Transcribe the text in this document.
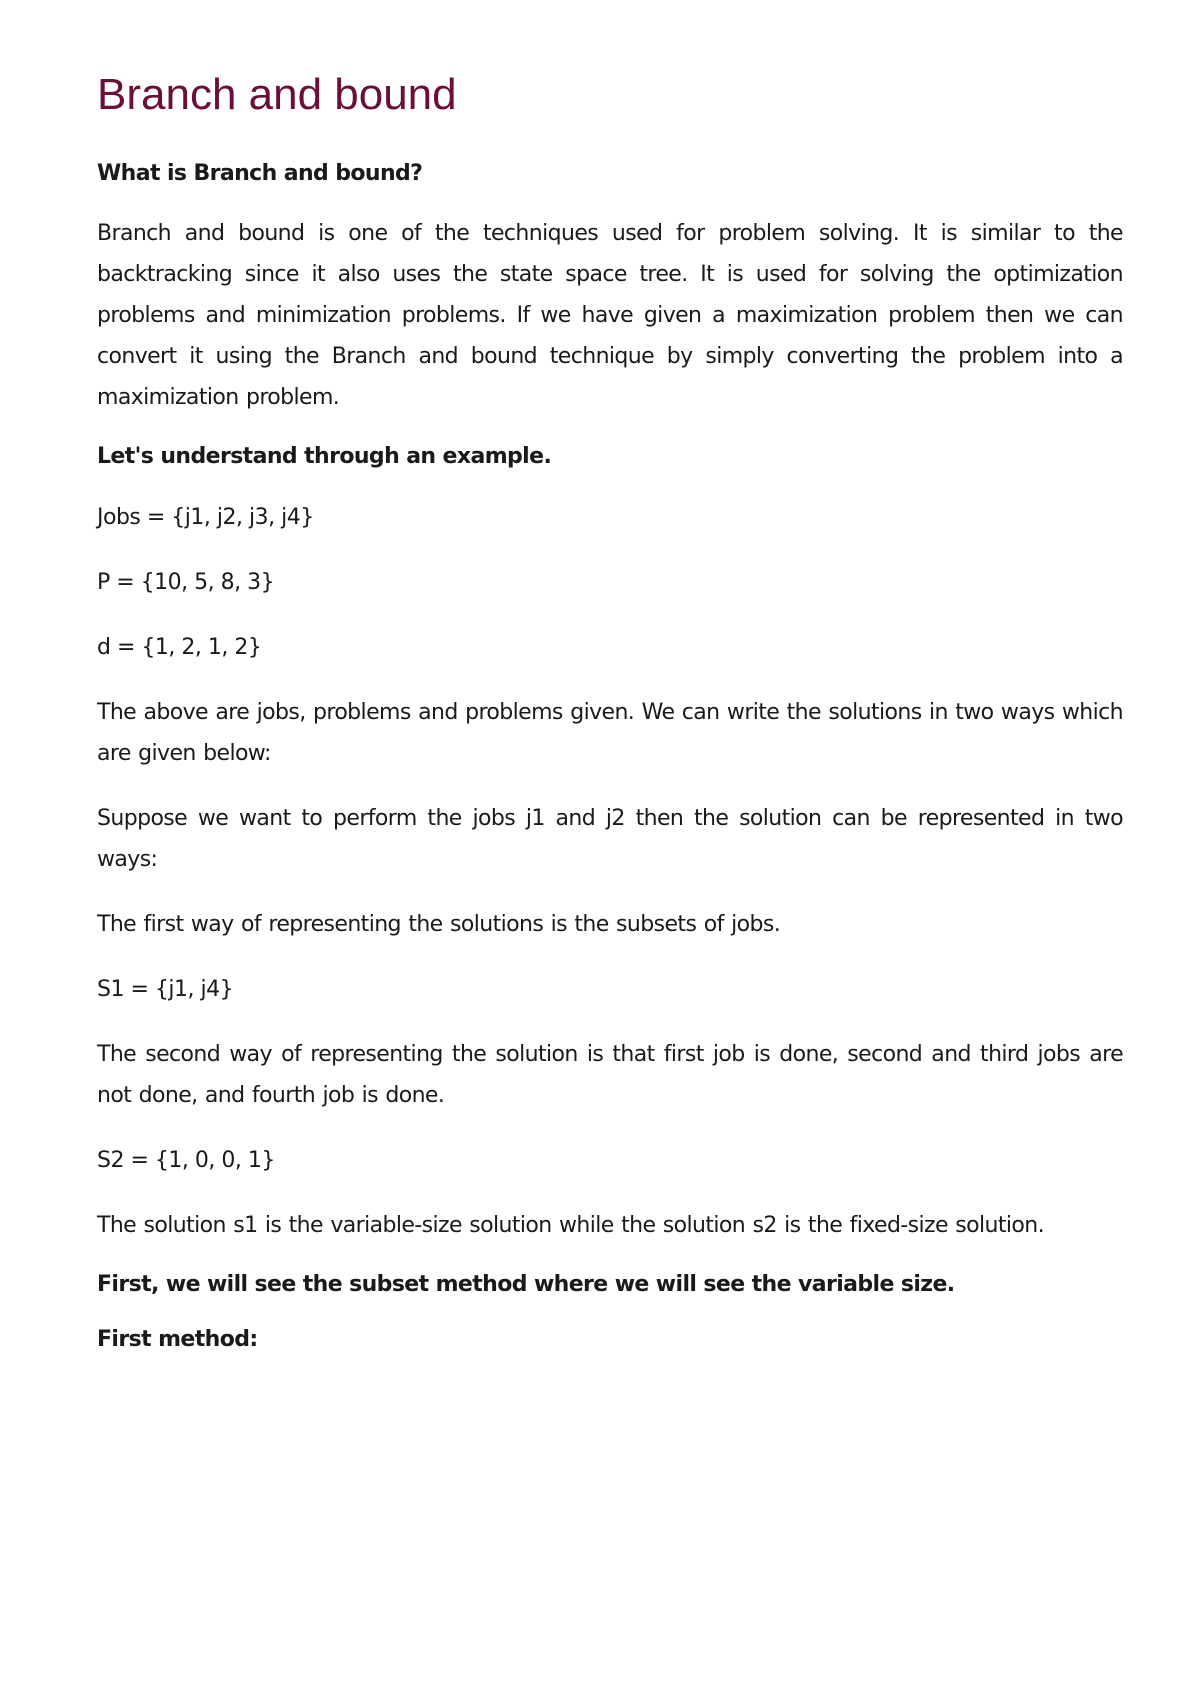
Branch and bound
What is Branch and bound?

Branch and bound is one of the techniques used for problem solving. It is similar to the backtracking since it also uses the state space tree. It is used for solving the optimization problems and minimization problems. If we have given a maximization problem then we can convert it using the Branch and bound technique by simply converting the problem into a maximization problem.

Let's understand through an example.
Jobs = {j1, j2, j3, j4}
P = {10, 5, 8, 3}
d = {1, 2, 1, 2}

The above are jobs, problems and problems given. We can write the solutions in two ways which are given below:

Suppose we want to perform the jobs j1 and j2 then the solution can be represented in two ways:

The first way of representing the solutions is the subsets of jobs.

S1 = {j1, j4}

The second way of representing the solution is that first job is done, second and third jobs are not done, and fourth job is done.

S2 = {1, 0, 0, 1}

The solution s1 is the variable-size solution while the solution s2 is the fixed-size solution.

First, we will see the subset method where we will see the variable size.
First method:
